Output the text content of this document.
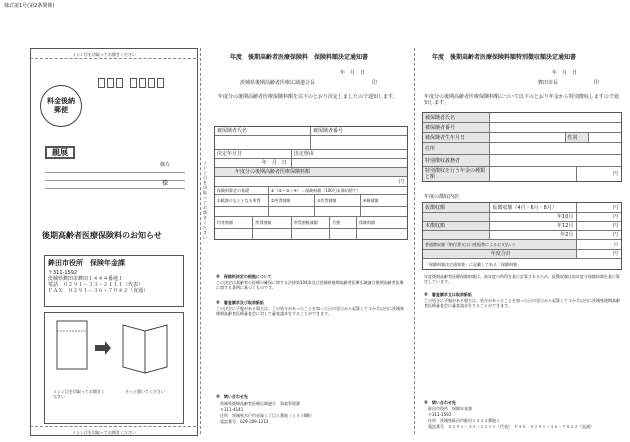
様式第1号(第2条関係)
ミシン目を切取ってお開きください
料金後納
郵便
親展
様方
様
後期高齢者医療保険料のお知らせ
鉾田市役所　保険年金課
〒311-1592
茨城県鉾田市鉾田１４４４番地１
電話　０２９１－３３－２１１１（代表）
ＦＡＸ　０２９１－３６－７０４２（直通）
ミシン目を切取ってお開きください
そっと開いてください
ミシン目を切取ってお開きください
ミシン目を切取ってお開きください
年度　後期高齢者医療保険料　保険料額決定通知書
年　月　日
茨城県後期高齢者医療広域連合長	印
年度分の後期高齢者医療保険料額を以下のとおり決定しましたので通知します。
被保険者氏名	被保険者番号
決定年月日	決定理由
年　月　日
年度分の後期高齢者医療保険料額
円
保険料算定の基礎	①（②＋③＋④）＝保険料額（100円未満切捨て）
①賦課のもととなる所得	②所得割額	③均等割額	④軽減額
均等割額	所得割額	所得割軽減額	月割	保険料額
※　保険料決定の根拠について
この決定は高齢者の医療の確保に関する法律第104条及び茨城県後期高齢者医療広域連合後期高齢者医療に関する条例に基づくものです。
※　審査請求及び取消訴訟
この決定に不服がある場合は、この処分があったことを知った日の翌日から起算して３か月以内に茨城県後期高齢者医療審査会に対して審査請求をすることができます。
※　問い合わせ先
茨城県後期高齢者医療広域連合　事業管理課
〒311-4141
住所　茨城県水戸市赤塚１丁目１番地（ミオスⅡ階）
電話番号　029-309-1213
年度　後期高齢者医療保険料額特別徴収額決定通知書
年　月　日
鉾田市長	印
年度分の後期高齢者医療保険料額について以下のとおり年金から特別徴収しますので通知します。
被保険者氏名
被保険者番号
被保険者生年月日	性別
住所
特別徴収義務者
特別徴収を行う年金の種類と額	円
年度の徴収内訳
仮徴収額	仮徴収額（4月・6月・8月）	円
年10月	円
本徴収額	年12月	円
年2月	円
普通徴収額（納付書又は口座振替によるお支払い）	円
年度合計	円
「保険料額決定通知書」に記載してある「保険料額」
年度後期高齢者医療保険料額は、前年度の所得を基に計算されるため、仮徴収額は前年度分保険料額を基に算定しています。
※　審査請求又は取消訴訟
この処分に不服がある場合は、処分があったことを知った日の翌日から起算して３か月以内に茨城県後期高齢者医療審査会に審査請求をすることができます。
※　問い合わせ先
鉾田市役所　保険年金課
〒311-1592
住所　茨城県鉾田市鉾田１４４４番地１
電話番号　０２９１－３３－２１１１（代表）　ＦＡＸ　０２９１－３６－７０４２（直通）
